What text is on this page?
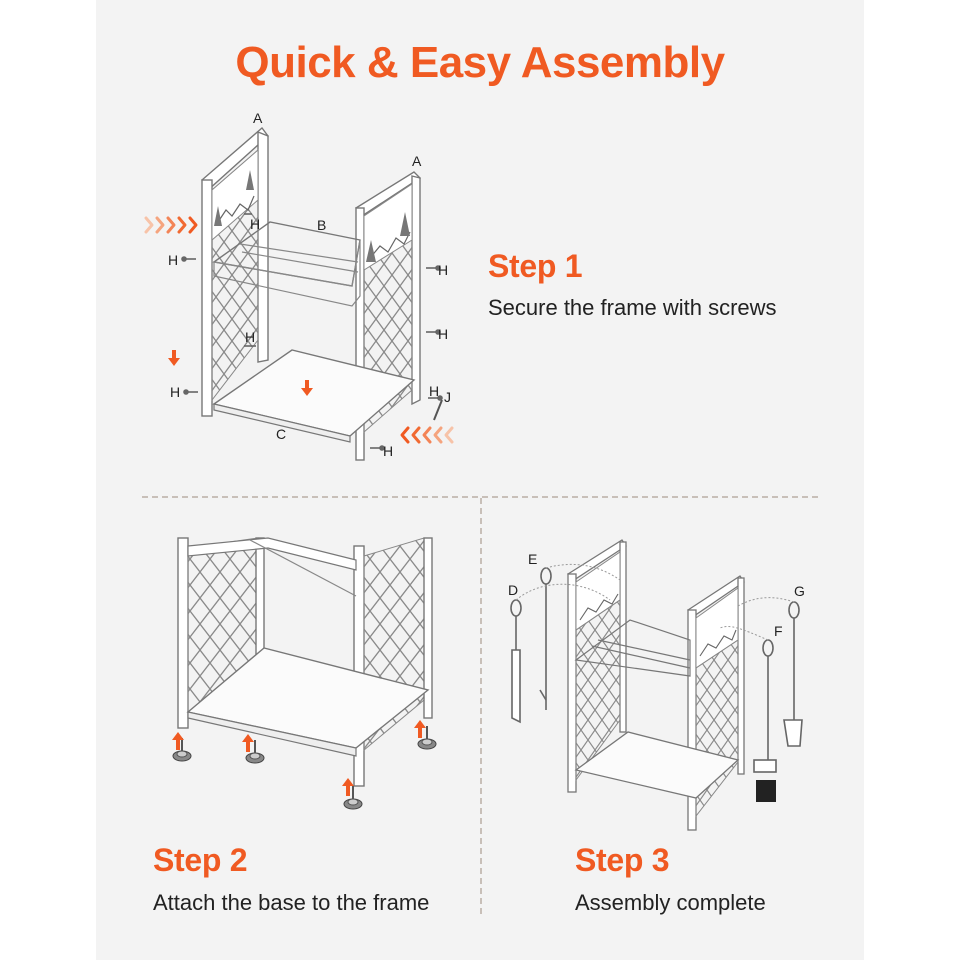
Quick & Easy Assembly
A
A
B
C
J
H
H
H
H
H
H
H
H
Step 1
Secure the frame with screws
Step 2
Attach the base to the frame
D
E
F
G
Step 3
Assembly complete
